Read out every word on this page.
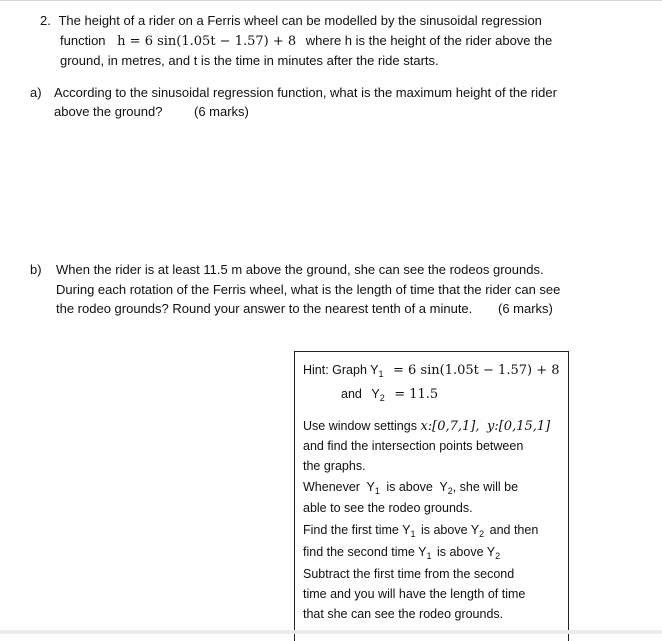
2. The height of a rider on a Ferris wheel can be modelled by the sinusoidal regression
function h = 6 sin(1.05t − 1.57) + 8 where h is the height of the rider above the
ground, in metres, and t is the time in minutes after the ride starts.
a) According to the sinusoidal regression function, what is the maximum height of the rider
above the ground? (6 marks)
b) When the rider is at least 11.5 m above the ground, she can see the rodeos grounds.
During each rotation of the Ferris wheel, what is the length of time that the rider can see
the rodeo grounds? Round your answer to the nearest tenth of a minute. (6 marks)
Hint: Graph $Y_1 = 6$ sin(1.05t − 1.57) + 8
and $Y_2 = 11.5$
Use window settings x:[0,7,1], y:[0,15,1]
and find the intersection points between
the graphs.
Whenever $Y_1$ is above $Y_2$, she will be
able to see the rodeo grounds.
Find the first time $Y_1$ is above $Y_2$ and then
find the second time $Y_1$ is above $Y_2$
Subtract the first time from the second
time and you will have the length of time
that she can see the rodeo grounds.
